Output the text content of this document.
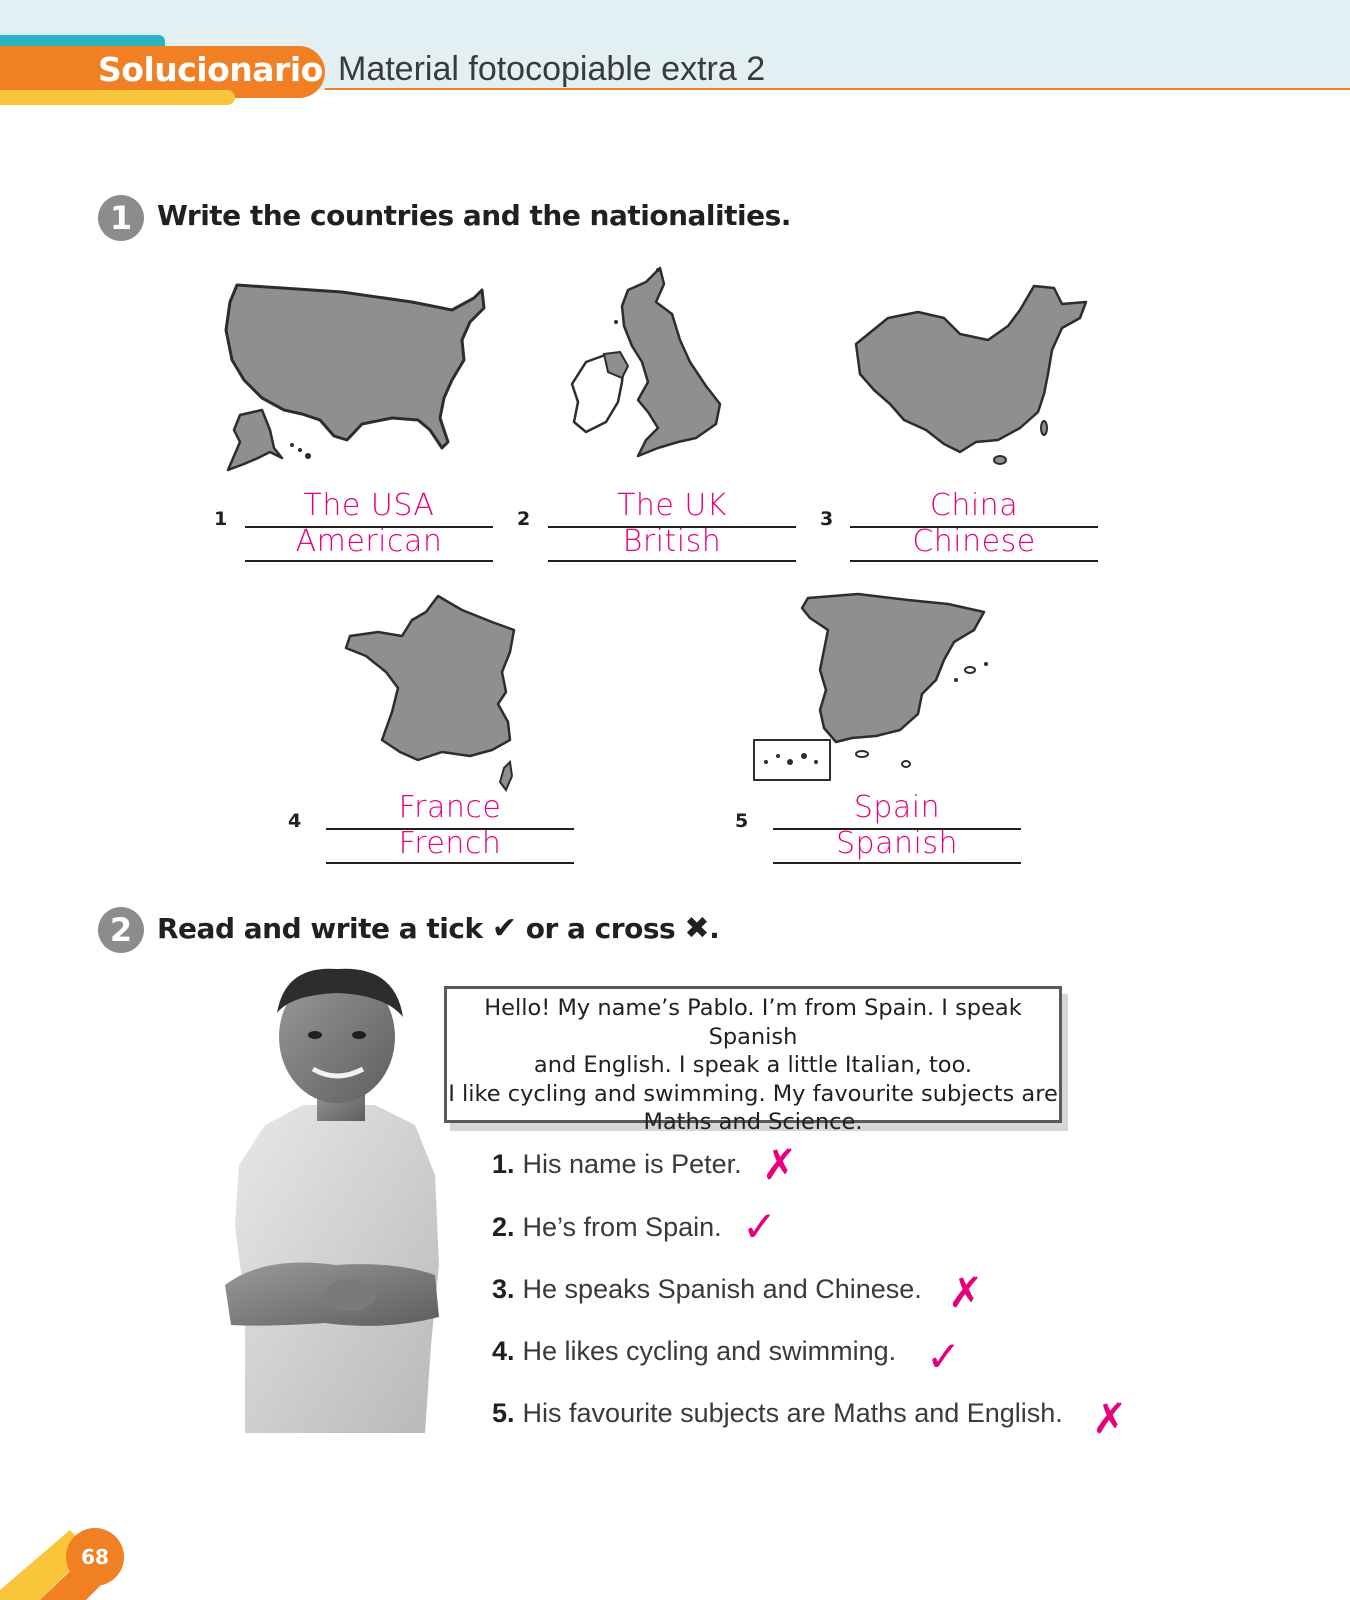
Solucionario Material fotocopiable extra 2
1 Write the countries and the nationalities.
1	The USA
American
2	The UK
British
3	China
Chinese
4	France
French
5	Spain
Spanish
2 Read and write a tick ✔ or a cross ✖.
Hello! My name’s Pablo. I’m from Spain. I speak Spanish
and English. I speak a little Italian, too.
I like cycling and swimming. My favourite subjects are
Maths and Science.
1. His name is Peter. ✗
2. He’s from Spain. ✓
3. He speaks Spanish and Chinese. ✗
4. He likes cycling and swimming. ✓
5. His favourite subjects are Maths and English. ✗
68
